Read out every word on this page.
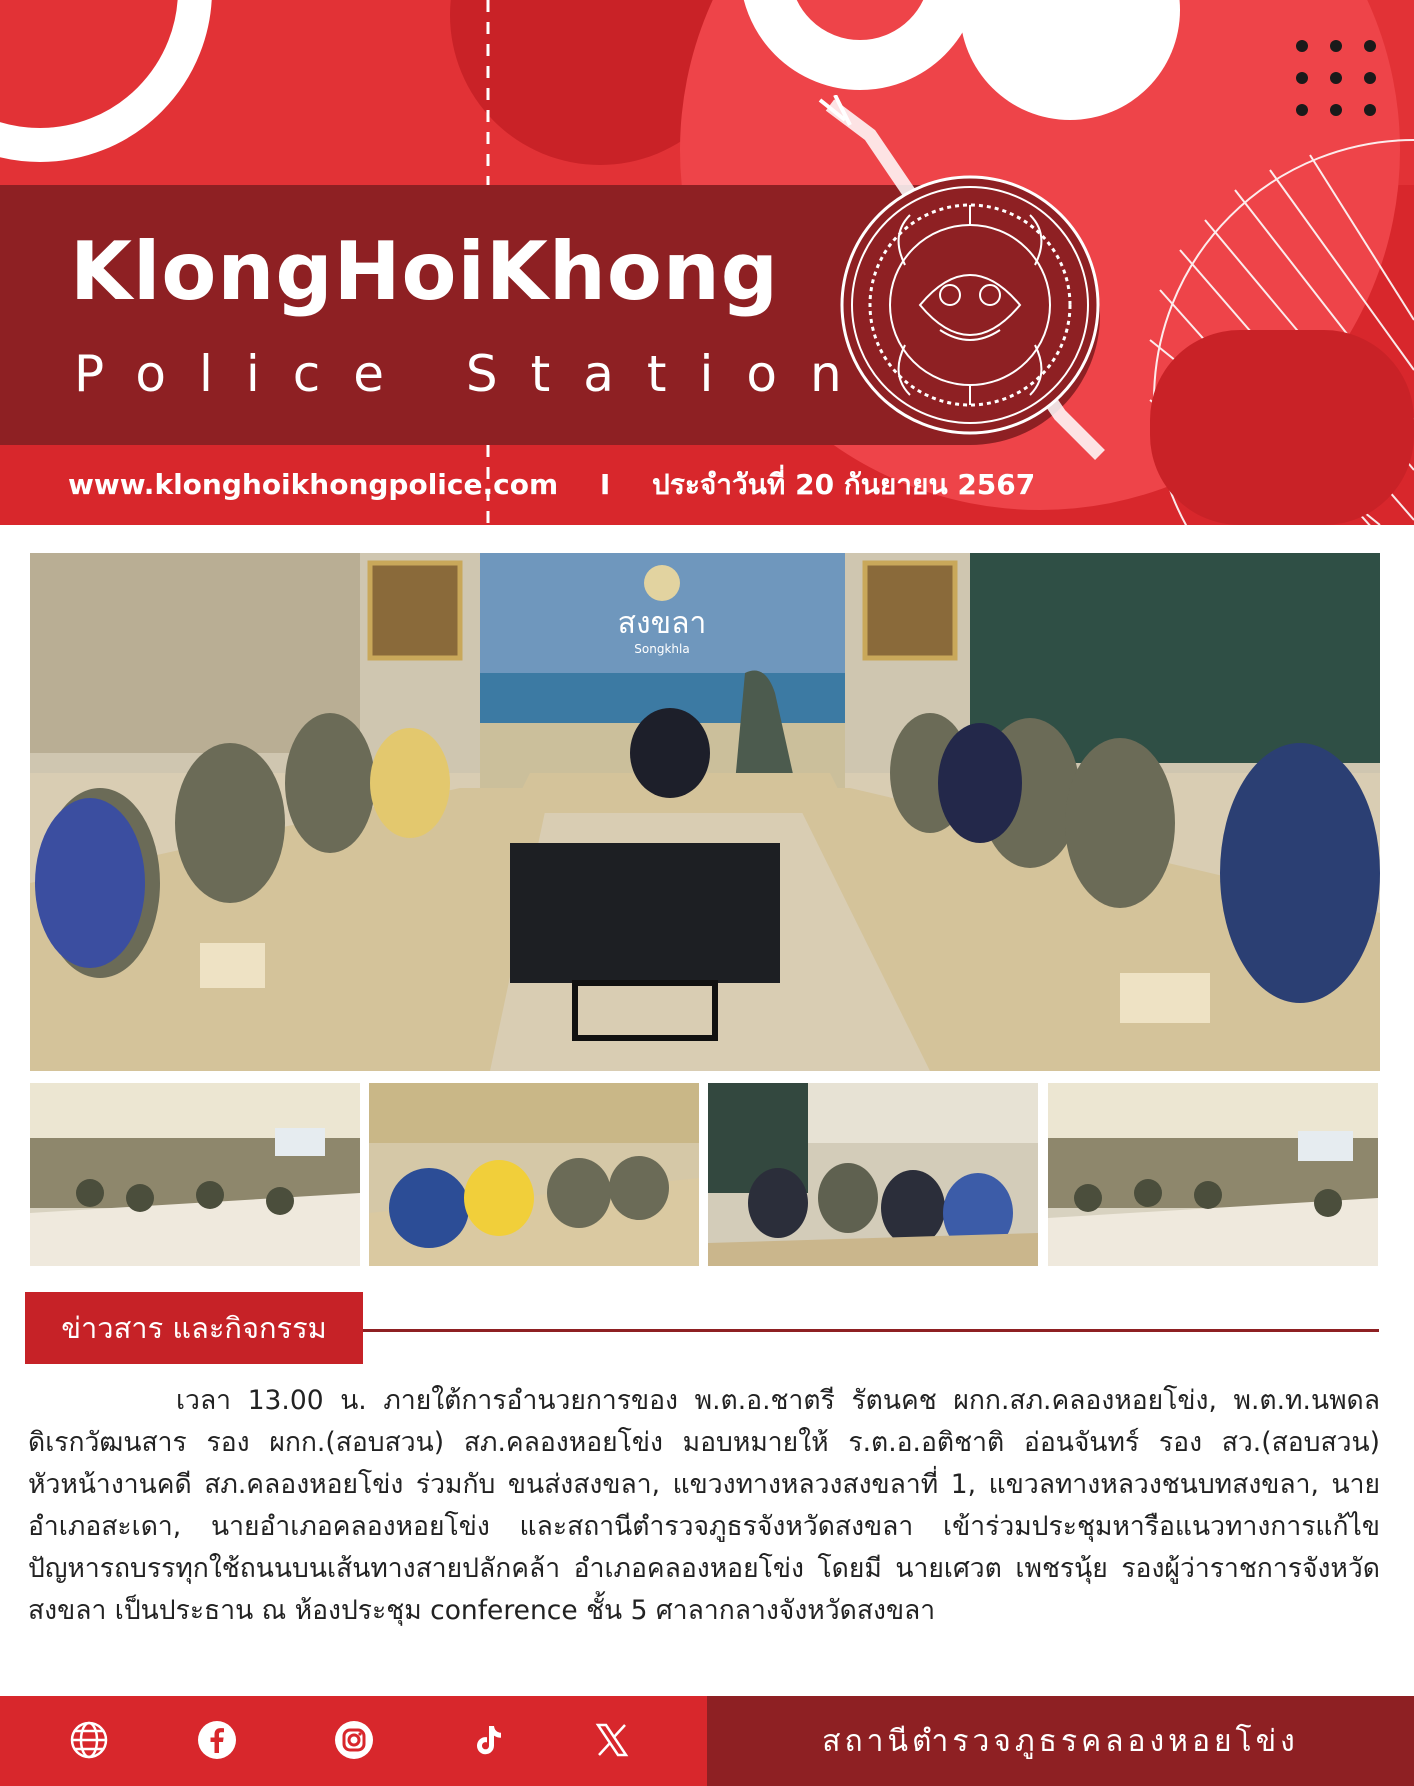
KlongHoiKhong
Police Station
www.klonghoikhongpolice.com I ประจำวันที่ 20 กันยายน 2567
สงขลา
Songkhla
ข่าวสาร และกิจกรรม
เวลา 13.00 น. ภายใต้การอำนวยการของ พ.ต.อ.ชาตรี รัตนคช ผกก.สภ.คลองหอยโข่ง, พ.ต.ท.นพดล ดิเรกวัฒนสาร รอง ผกก.(สอบสวน) สภ.คลองหอยโข่ง มอบหมายให้ ร.ต.อ.อติชาติ อ่อนจันทร์ รอง สว.(สอบสวน) หัวหน้างานคดี สภ.คลองหอยโข่ง ร่วมกับ ขนส่งสงขลา, แขวงทางหลวงสงขลาที่ 1, แขวลทางหลวงชนบทสงขลา, นายอำเภอสะเดา, นายอำเภอคลองหอยโข่ง และสถานีตำรวจภูธรจังหวัดสงขลา เข้าร่วมประชุมหารือแนวทางการแก้ไขปัญหารถบรรทุกใช้ถนนบนเส้นทางสายปลักคล้า อำเภอคลองหอยโข่ง โดยมี นายเศวต เพชรนุ้ย รองผู้ว่าราชการจังหวัดสงขลา เป็นประธาน ณ ห้องประชุม conference ชั้น 5 ศาลากลางจังหวัดสงขลา
สถานีตำรวจภูธรคลองหอยโข่ง
